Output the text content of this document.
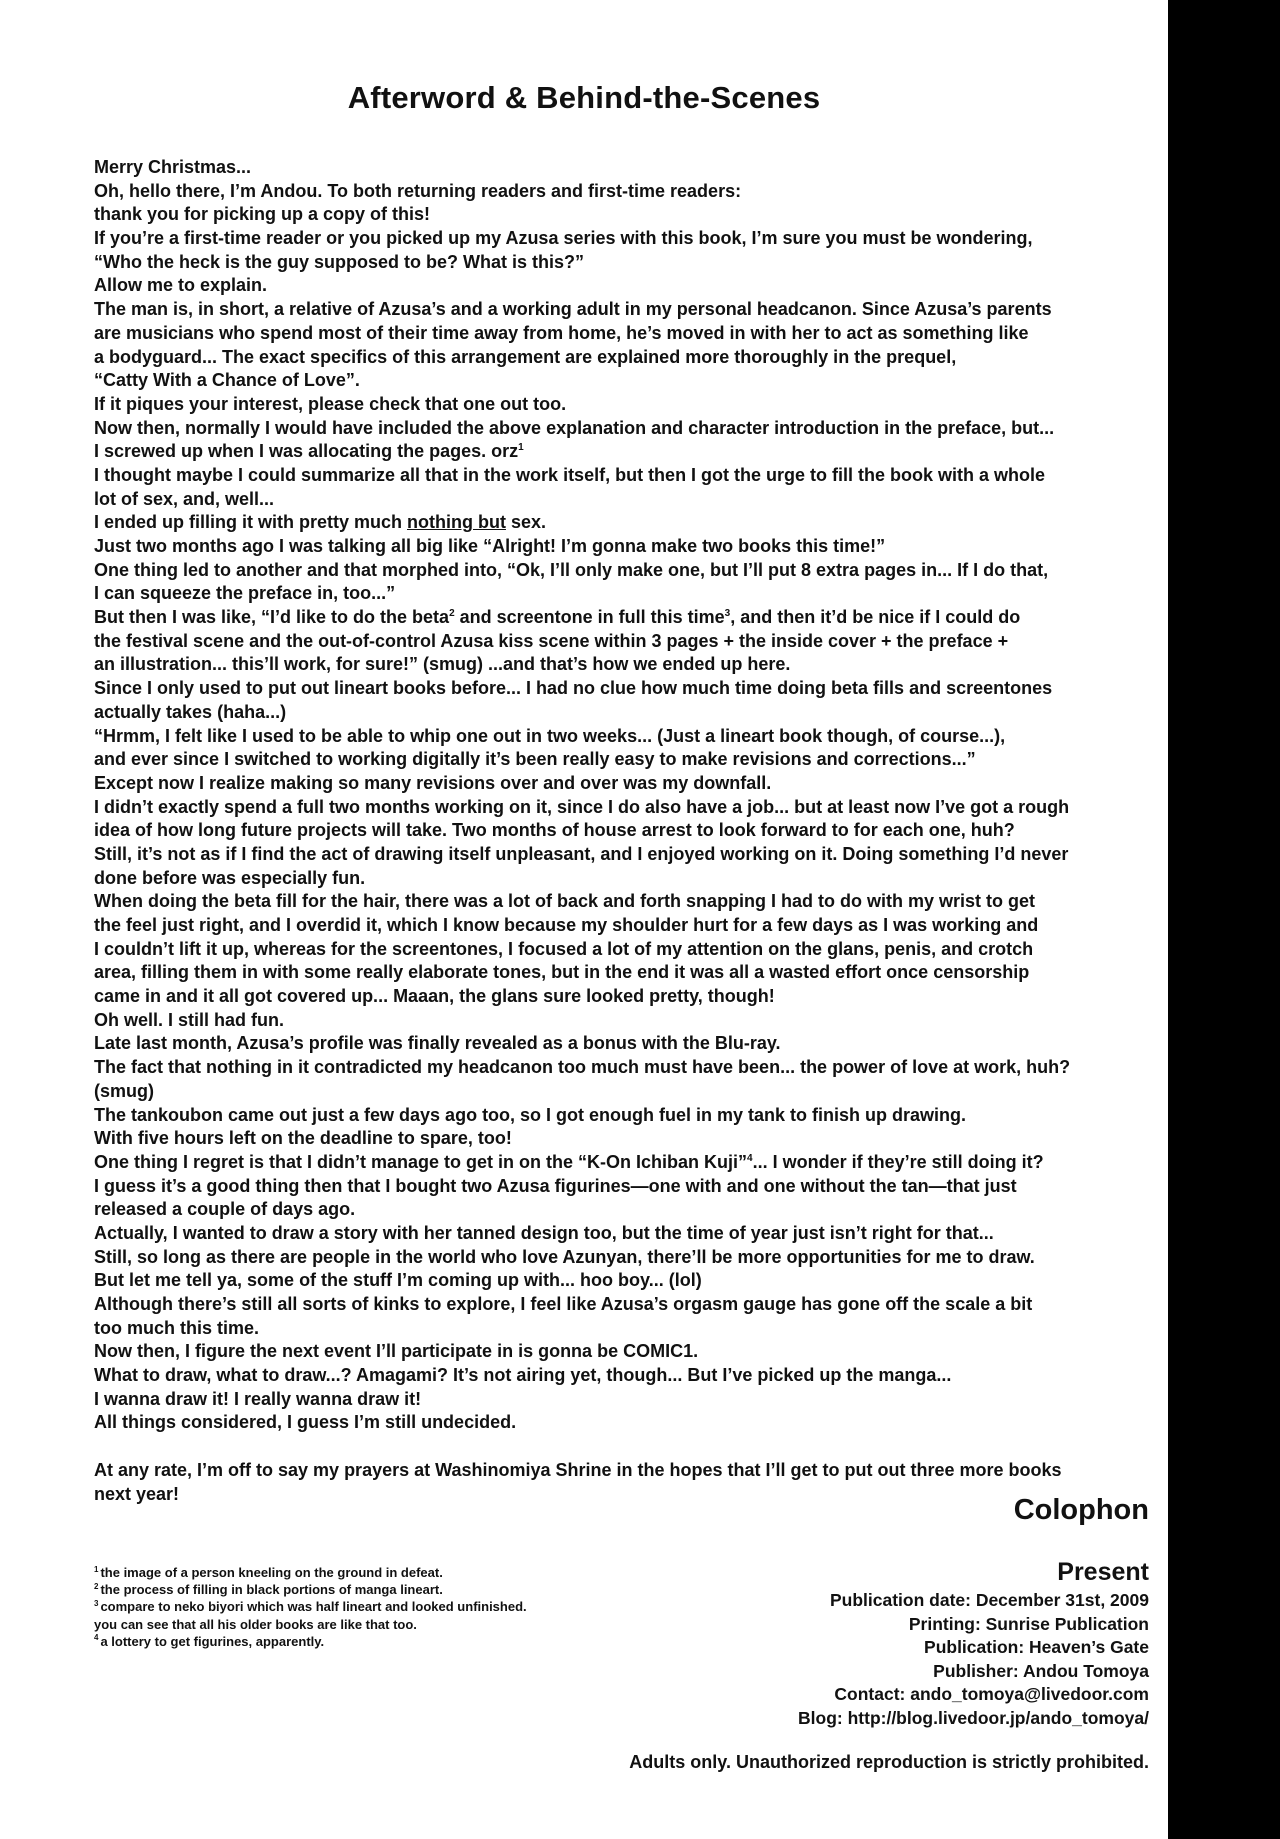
Afterword & Behind-the-Scenes
Merry Christmas...
Oh, hello there, I’m Andou. To both returning readers and first-time readers:
thank you for picking up a copy of this!
If you’re a first-time reader or you picked up my Azusa series with this book, I’m sure you must be wondering,
“Who the heck is the guy supposed to be? What is this?”
Allow me to explain.
The man is, in short, a relative of Azusa’s and a working adult in my personal headcanon. Since Azusa’s parents
are musicians who spend most of their time away from home, he’s moved in with her to act as something like
a bodyguard... The exact specifics of this arrangement are explained more thoroughly in the prequel,
“Catty With a Chance of Love”.
If it piques your interest, please check that one out too.
Now then, normally I would have included the above explanation and character introduction in the preface, but...
I screwed up when I was allocating the pages. orz$^1$
I thought maybe I could summarize all that in the work itself, but then I got the urge to fill the book with a whole
lot of sex, and, well...
I ended up filling it with pretty much nothing but sex.
Just two months ago I was talking all big like “Alright! I’m gonna make two books this time!”
One thing led to another and that morphed into, “Ok, I’ll only make one, but I’ll put 8 extra pages in... If I do that,
I can squeeze the preface in, too...”
But then I was like, “I’d like to do the beta$^2$ and screentone in full this time$^3$, and then it’d be nice if I could do
the festival scene and the out-of-control Azusa kiss scene within 3 pages + the inside cover + the preface +
an illustration... this’ll work, for sure!” (smug) ...and that’s how we ended up here.
Since I only used to put out lineart books before... I had no clue how much time doing beta fills and screentones
actually takes (haha...)
“Hrmm, I felt like I used to be able to whip one out in two weeks... (Just a lineart book though, of course...),
and ever since I switched to working digitally it’s been really easy to make revisions and corrections...”
Except now I realize making so many revisions over and over was my downfall.
I didn’t exactly spend a full two months working on it, since I do also have a job... but at least now I’ve got a rough
idea of how long future projects will take. Two months of house arrest to look forward to for each one, huh?
Still, it’s not as if I find the act of drawing itself unpleasant, and I enjoyed working on it. Doing something I’d never
done before was especially fun.
When doing the beta fill for the hair, there was a lot of back and forth snapping I had to do with my wrist to get
the feel just right, and I overdid it, which I know because my shoulder hurt for a few days as I was working and
I couldn’t lift it up, whereas for the screentones, I focused a lot of my attention on the glans, penis, and crotch
area, filling them in with some really elaborate tones, but in the end it was all a wasted effort once censorship
came in and it all got covered up... Maaan, the glans sure looked pretty, though!
Oh well. I still had fun.
Late last month, Azusa’s profile was finally revealed as a bonus with the Blu-ray.
The fact that nothing in it contradicted my headcanon too much must have been... the power of love at work, huh?
(smug)
The tankoubon came out just a few days ago too, so I got enough fuel in my tank to finish up drawing.
With five hours left on the deadline to spare, too!
One thing I regret is that I didn’t manage to get in on the “K-On Ichiban Kuji”$^4$... I wonder if they’re still doing it?
I guess it’s a good thing then that I bought two Azusa figurines—one with and one without the tan—that just
released a couple of days ago.
Actually, I wanted to draw a story with her tanned design too, but the time of year just isn’t right for that...
Still, so long as there are people in the world who love Azunyan, there’ll be more opportunities for me to draw.
But let me tell ya, some of the stuff I’m coming up with... hoo boy... (lol)
Although there’s still all sorts of kinks to explore, I feel like Azusa’s orgasm gauge has gone off the scale a bit
too much this time.
Now then, I figure the next event I’ll participate in is gonna be COMIC1.
What to draw, what to draw...? Amagami? It’s not airing yet, though... But I’ve picked up the manga...
I wanna draw it! I really wanna draw it!
All things considered, I guess I’m still undecided.
At any rate, I’m off to say my prayers at Washinomiya Shrine in the hopes that I’ll get to put out three more books
next year!
Colophon
Present
Publication date: December 31st, 2009
Printing: Sunrise Publication
Publication: Heaven’s Gate
Publisher: Andou Tomoya
Contact: ando_tomoya@livedoor.com
Blog: http://blog.livedoor.jp/ando_tomoya/
$^1$ the image of a person kneeling on the ground in defeat.
$^2$ the process of filling in black portions of manga lineart.
$^3$ compare to neko biyori which was half lineart and looked unfinished.
you can see that all his older books are like that too.
$^4$ a lottery to get figurines, apparently.
Adults only. Unauthorized reproduction is strictly prohibited.
